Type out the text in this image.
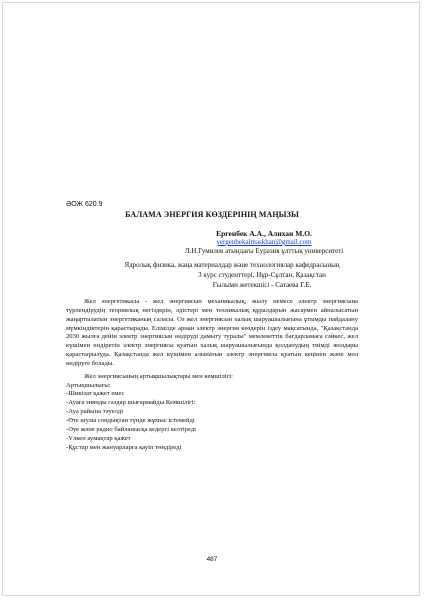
ӘОЖ 620.9
БАЛАМА ЭНЕРГИЯ КӨЗДЕРІНІҢ МАҢЫЗЫ
Ергенбек А.А., Алихан М.О.
yergenbekalmaskhan@gmail.com
Л.Н.Гумилев атындағы Еуразия ұлттық университеті
Ядролық физика, жаңа материалдар және технологиялар кафедрасының
3 курс студенттері, Нұр-Сұлтан, Қазақстан
Ғылыми жетекшісі - Сатаева Г.Е.

Жел энергетикасы - жел энергиясын механикалық, жылу немесе электр энергиясына түрлендірудің теориялық негіздерін, әдістері мен техникалық құралдарын жасаумен айналысатын жаңартылатын энергетиканың саласы. Оз жел энергиясын халық шаруашылығына ұтымды пайдалану мүмкіндіктерін қарастырады. Елімізде арнаи электр энергия көздерін іздеу мақсатында, "Қазақстанда 2030 жылға дейін электр энергиясын өндіруді дамыту туралы" мемлекеттік бағдарламаға сәйкес, жел күшімен өндіретін электр энергиясы қуатын халық шаруашылығында қолданудың тиімді жолдары қарастырылуда. Қазақстанда жел күшімен алынатын электр энергиясы қуатын кеңінен және мол өндіруге болады.

Жел энергиясының артықшылықтары мен кемшілігі:

Артықшылығы:
-Шикізат қажет емес
-Ауаға зиянды газдар шығармайды Кемшілігі:
-Ауа райына тәуелді
-Өте шулы сондықтан түнде жұмыс істемейді
-Әуе және радио байланысқа кедергі келтіреді
-Үлкен аумақтар қажет
-Құстар мен жануарларға қауіп төндіреді
487
